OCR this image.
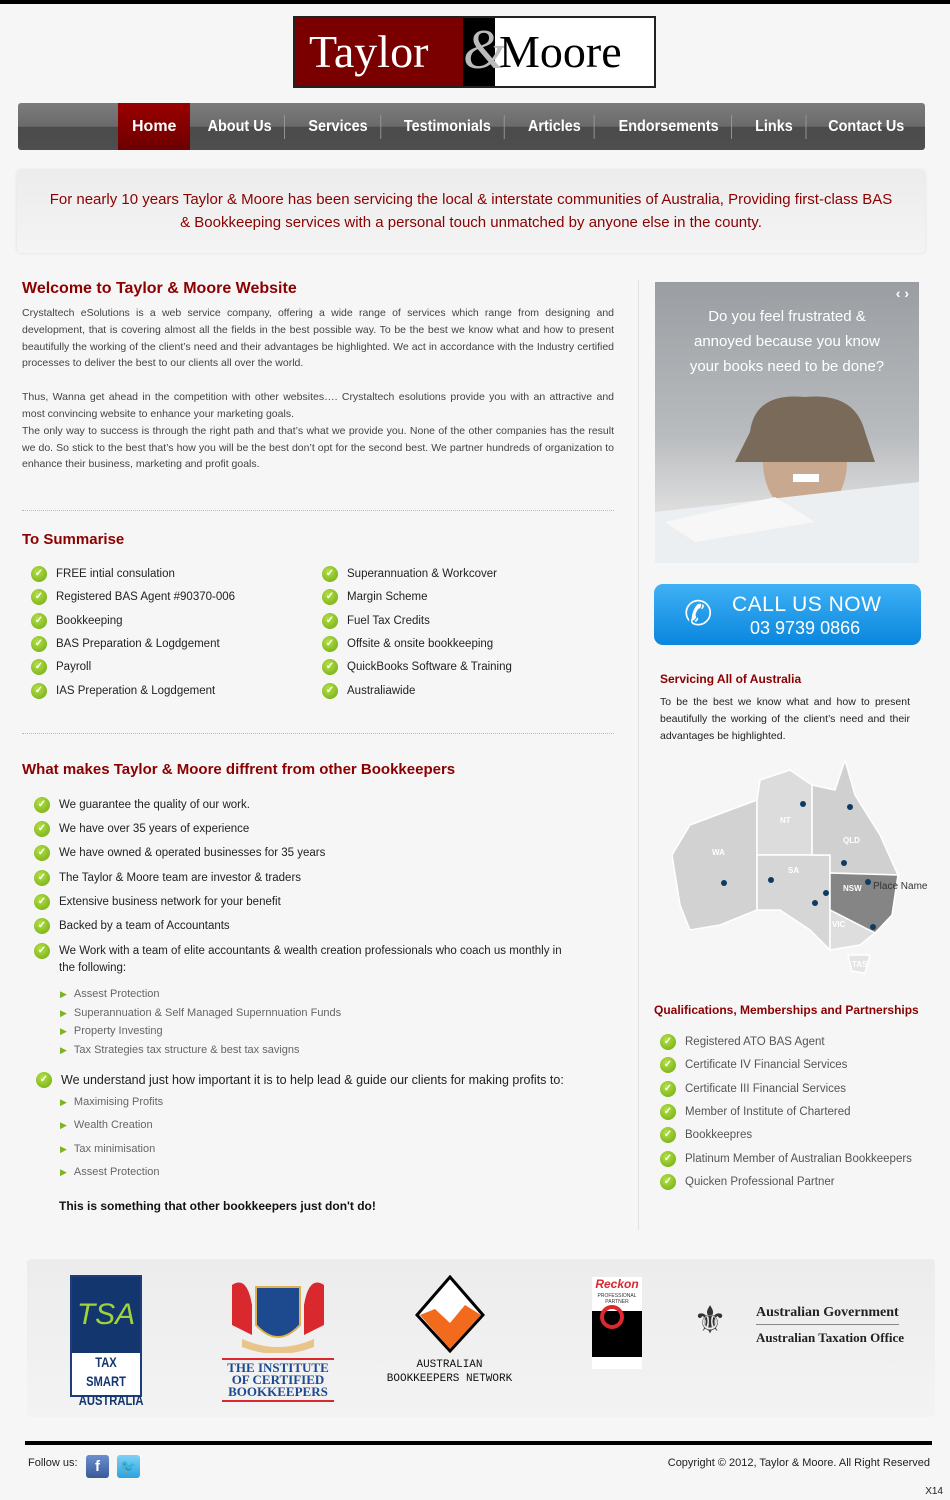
Taylor &
Moore
Home	About Us	Services	Testimonials	Articles	Endorsements	Links	Contact Us
For nearly 10 years Taylor & Moore has been servicing the local & interstate communities of Australia, Providing first-class BAS & Bookkeeping services with a personal touch unmatched by anyone else in the county.
Welcome to Taylor & Moore Website

Crystaltech eSolutions is a web service company, offering a wide range of services which range from designing and development, that is covering almost all the fields in the best possible way. To be the best we know what and how to present beautifully the working of the client’s need and their advantages be highlighted. We act in accordance with the Industry certified processes to deliver the best to our clients all over the world.

Thus, Wanna get ahead in the competition with other websites…. Crystaltech esolutions provide you with an attractive and most convincing website to enhance your marketing goals.

The only way to success is through the right path and that’s what we provide you. None of the other companies has the result we do. So stick to the best that’s how you will be the best don’t opt for the second best. We partner hundreds of organization to enhance their business, marketing and profit goals.

To Summarise
What makes Taylor & Moore diffrent from other Bookkeepers
✓	We Work with a team of elite accountants & wealth creation professionals who coach us monthly in
the following:
✓	We understand just how important it is to help lead & guide our clients for making profits to:
This is something that other bookkeepers just don't do!
‹ ›
Do you feel frustrated & annoyed because you know your books need to be done?
✆ CALL US NOW
03 9739 0866
Servicing All of Australia
To be the best we know what and how to present beautifully the working of the client’s need and their advantages be highlighted.
WA
NT
SA
QLD
NSW
VIC
TAS
Place Name
Qualifications, Memberships and Partnerships
TSA
TAX SMART
AUSTRALIA
THE INSTITUTE
OF CERTIFIED
BOOKKEEPERS
AUSTRALIAN
BOOKKEEPERS NETWORK
Reckon
PROFESSIONAL PARTNER	⚜	Australian Government
Australian Taxation Office
Follow us:	f	🐦	Copyright © 2012, Taylor & Moore. All Right Reserved
X14
✓	FREE intial consulation
✓	Registered BAS Agent #90370-006
✓	Bookkeeping
✓	BAS Preparation & Logdgement
✓	Payroll
✓	IAS Preperation & Logdgement
✓	Superannuation & Workcover
✓	Margin Scheme
✓	Fuel Tax Credits
✓	Offsite & onsite bookkeeping
✓	QuickBooks Software & Training
✓	Australiawide
✓	We guarantee the quality of our work.
✓	We have over 35 years of experience
✓	We have owned & operated businesses for 35 years
✓	The Taylor & Moore team are investor & traders
✓	Extensive business network for your benefit
✓	Backed by a team of Accountants
▶ Assest Protection
▶ Superannuation & Self Managed Supernnuation Funds
▶ Property Investing
▶ Tax Strategies tax structure & best tax savigns
▶ Maximising Profits
▶ Wealth Creation
▶ Tax minimisation
▶ Assest Protection
✓	Registered ATO BAS Agent
✓	Certificate IV Financial Services
✓	Certificate III Financial Services
✓	Member of Institute of Chartered
✓	Bookkeepres
✓	Platinum Member of Australian Bookkeepers
✓	Quicken Professional Partner
